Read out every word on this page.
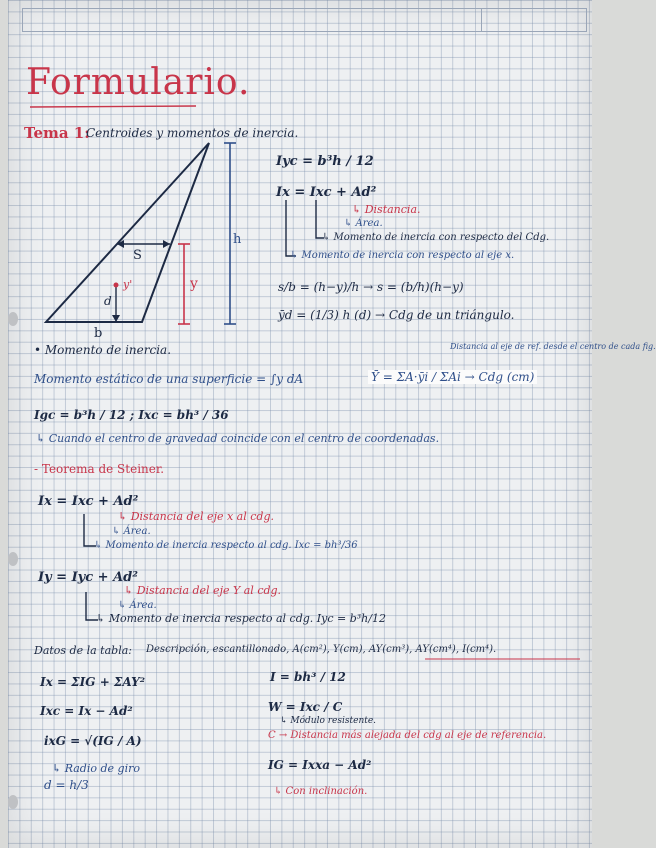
Formulario.
Tema 1:
Centroides y momentos de inercia.
h
S
y
y'
d
b
Iyc = b³h / 12
Ix = Ixc + Ad²
↳ Distancia.
↳ Área.
↳ Momento de inercia con respecto del Cdg.
↳ Momento de inercia con respecto al eje x.
s/b = (h−y)/h → s = (b/h)(h−y)
ȳd = (1/3) h (d) → Cdg de un triángulo.
• Momento de inercia.
Momento estático de una superficie = ∫y dA	Ȳ = ΣA·ȳi / ΣAi → Cdg (cm)
Distancia al eje de ref. desde el centro de cada fig.
Igc = b³h / 12 ; Ixc = bh³ / 36
↳ Cuando el centro de gravedad coincide con el centro de coordenadas.
- Teorema de Steiner.
Ix = Ixc + Ad²
↳ Distancia del eje x al cdg.
↳ Área.
↳ Momento de inercia respecto al cdg. Ixc = bh³/36
Iy = Iyc + Ad²
↳ Distancia del eje Y al cdg.
↳ Área.
↳ Momento de inercia respecto al cdg. Iyc = b³h/12
Datos de la tabla: Descripción, escantillonado, A(cm²), Y(cm), AY(cm³), AY(cm⁴), I(cm⁴).
Ix = ΣIG + ΣAY²
Ixc = Ix − Ad²
ixG = √(IG / A)
↳ Radio de giro
d = h/3
I = bh³ / 12
W = Ixc / C
↳ Módulo resistente.
C → Distancia más alejada del cdg al eje de referencia.
IG = Ixxa − Ad²
↳ Con inclinación.
